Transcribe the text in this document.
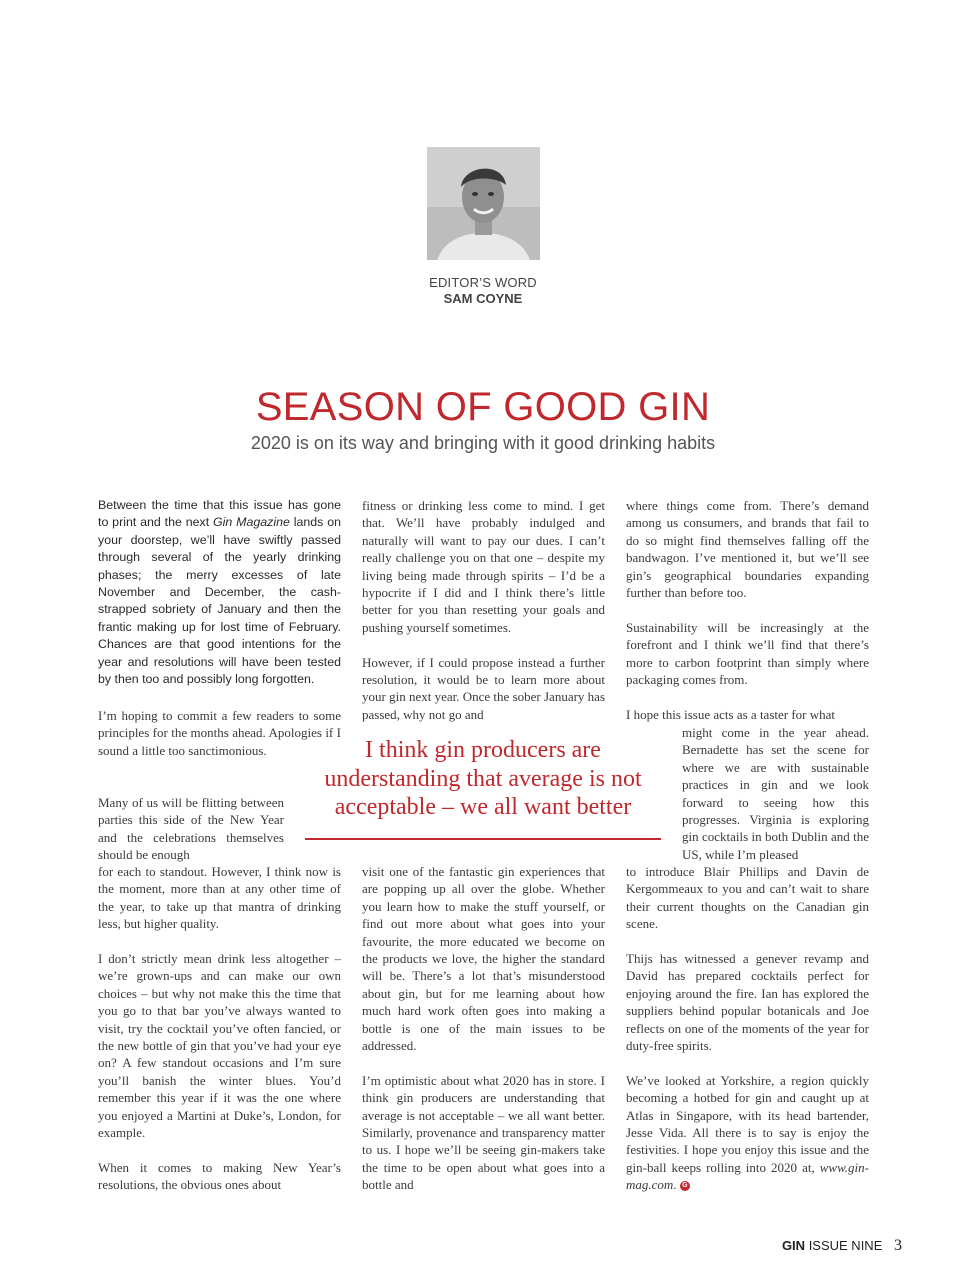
EDITOR’S WORD
SAM COYNE
SEASON OF GOOD GIN
2020 is on its way and bringing with it good drinking habits

Between the time that this issue has gone to print and the next Gin Magazine lands on your doorstep, we’ll have swiftly passed through several of the yearly drinking phases; the merry excesses of late November and December, the cash-strapped sobriety of January and then the frantic making up for lost time of February. Chances are that good intentions for the year and resolutions will have been tested by then too and possibly long forgotten.

I’m hoping to commit a few readers to some principles for the months ahead. Apologies if I sound a little too sanctimonious.

Many of us will be flitting between parties this side of the New Year and the celebrations themselves should be enough

for each to standout. However, I think now is the moment, more than at any other time of the year, to take up that mantra of drinking less, but higher quality.

I don’t strictly mean drink less altogether – we’re grown-ups and can make our own choices – but why not make this the time that you go to that bar you’ve always wanted to visit, try the cocktail you’ve often fancied, or the new bottle of gin that you’ve had your eye on? A few standout occasions and I’m sure you’ll banish the winter blues. You’d remember this year if it was the one where you enjoyed a Martini at Duke’s, London, for example.

When it comes to making New Year’s resolutions, the obvious ones about

fitness or drinking less come to mind. I get that. We’ll have probably indulged and naturally will want to pay our dues. I can’t really challenge you on that one – despite my living being made through spirits – I’d be a hypocrite if I did and I think there’s little better for you than resetting your goals and pushing yourself sometimes.

However, if I could propose instead a further resolution, it would be to learn more about your gin next year. Once the sober January has passed, why not go and

visit one of the fantastic gin experiences that are popping up all over the globe. Whether you learn how to make the stuff yourself, or find out more about what goes into your favourite, the more educated we become on the products we love, the higher the standard will be. There’s a lot that’s misunderstood about gin, but for me learning about how much hard work often goes into making a bottle is one of the main issues to be addressed.

I’m optimistic about what 2020 has in store. I think gin producers are understanding that average is not acceptable – we all want better. Similarly, provenance and transparency matter to us. I hope we’ll be seeing gin-makers take the time to be open about what goes into a bottle and

where things come from. There’s demand among us consumers, and brands that fail to do so might find themselves falling off the bandwagon. I’ve mentioned it, but we’ll see gin’s geographical boundaries expanding further than before too.

Sustainability will be increasingly at the forefront and I think we’ll find that there’s more to carbon footprint than simply where packaging comes from.

I hope this issue acts as a taster for what

might come in the year ahead. Bernadette has set the scene for where we are with sustainable practices in gin and we look forward to seeing how this progresses. Virginia is exploring gin cocktails in both Dublin and the US, while I’m pleased

to introduce Blair Phillips and Davin de Kergommeaux to you and can’t wait to share their current thoughts on the Canadian gin scene.

Thijs has witnessed a genever revamp and David has prepared cocktails perfect for enjoying around the fire. Ian has explored the suppliers behind popular botanicals and Joe reflects on one of the moments of the year for duty-free spirits.

We’ve looked at Yorkshire, a region quickly becoming a hotbed for gin and caught up at Atlas in Singapore, with its head bartender, Jesse Vida. All there is to say is enjoy the festivities. I hope you enjoy this issue and the gin-ball keeps rolling into 2020 at, www.gin-mag.com. G

I think gin producers are understanding that average is not acceptable – we all want better
GIN ISSUE NINE 3
